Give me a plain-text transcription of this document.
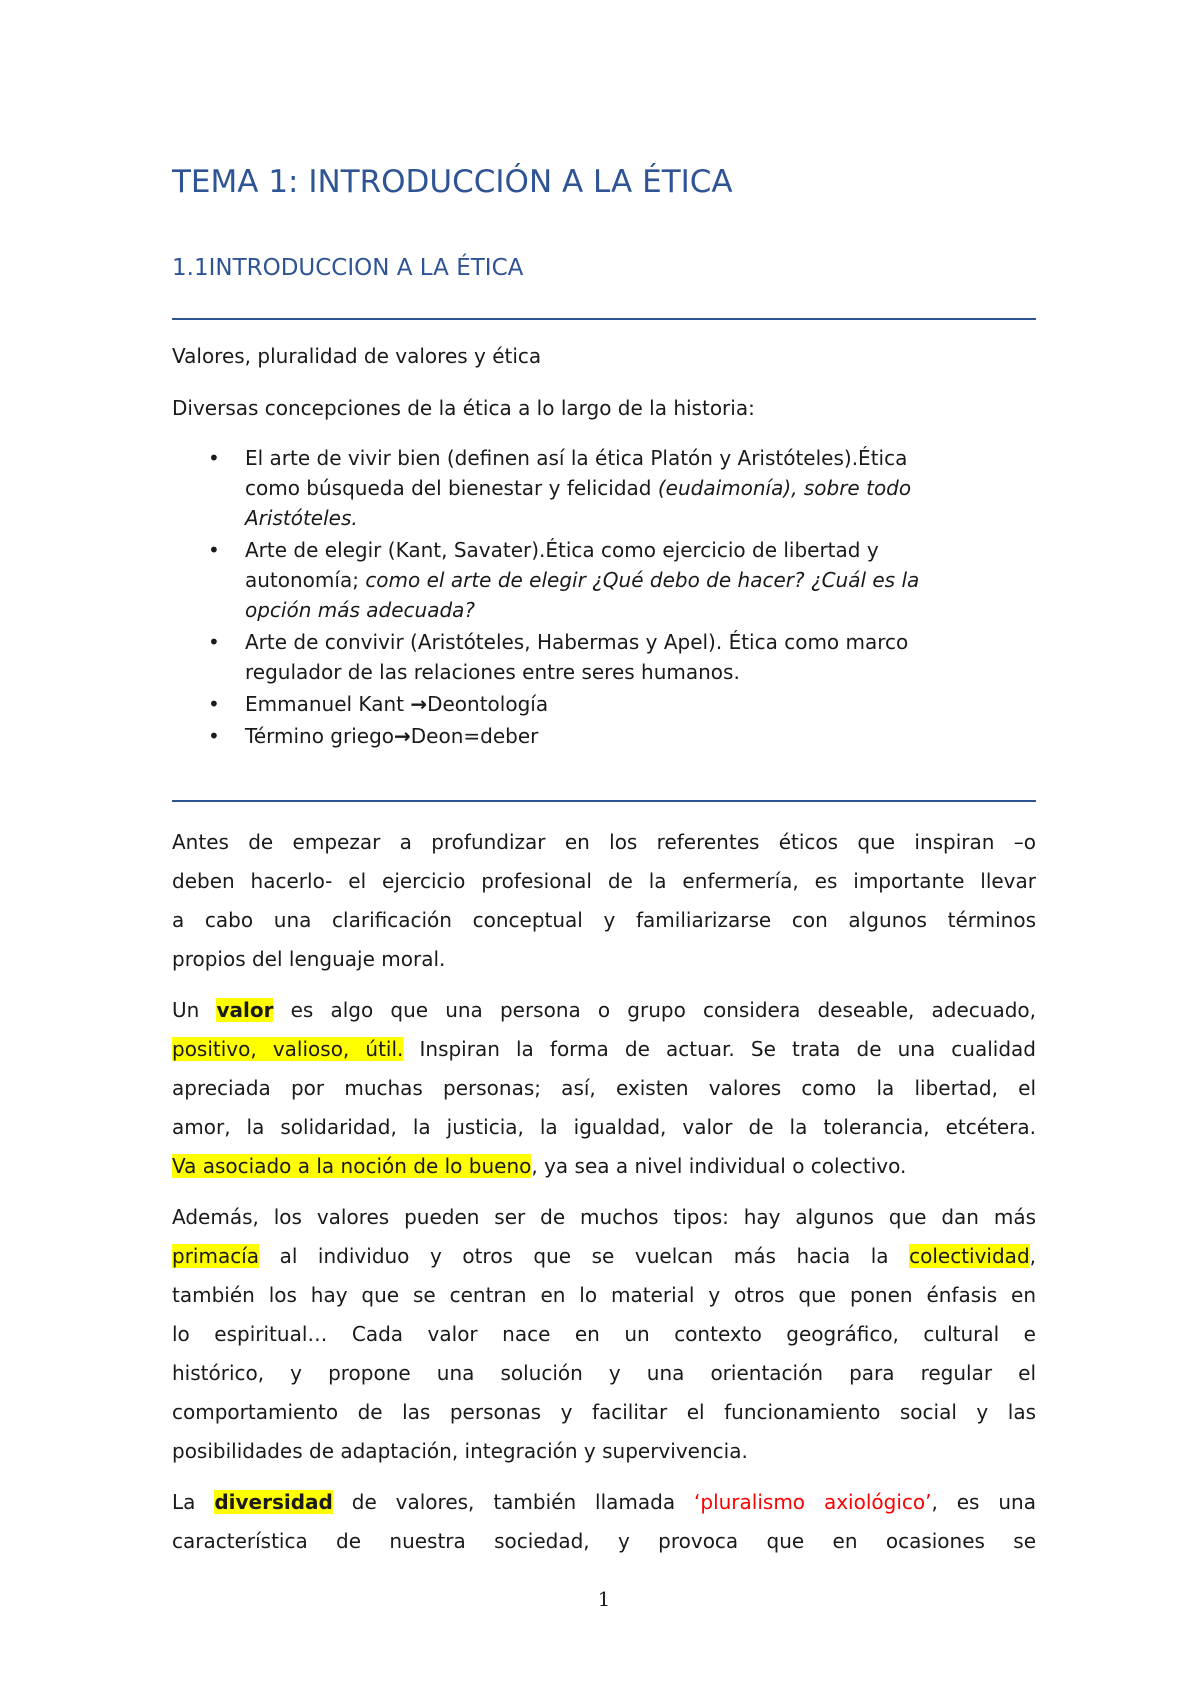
TEMA 1: INTRODUCCIÓN A LA ÉTICA
1.1INTRODUCCION A LA ÉTICA

Valores, pluralidad de valores y ética

Diversas concepciones de la ética a lo largo de la historia:

• El arte de vivir bien (definen así la ética Platón y Aristóteles).Ética
como búsqueda del bienestar y felicidad (eudaimonía), sobre todo
Aristóteles.
• Arte de elegir (Kant, Savater).Ética como ejercicio de libertad y
autonomía; como el arte de elegir ¿Qué debo de hacer? ¿Cuál es la
opción más adecuada?
• Arte de convivir (Aristóteles, Habermas y Apel). Ética como marco
regulador de las relaciones entre seres humanos.
• Emmanuel Kant →Deontología
• Término griego→Deon=deber
Antes de empezar a profundizar en los referentes éticos que inspiran –o
deben hacerlo- el ejercicio profesional de la enfermería, es importante llevar
a cabo una clarificación conceptual y familiarizarse con algunos términos
propios del lenguaje moral.
Un valor es algo que una persona o grupo considera deseable, adecuado,
positivo, valioso, útil. Inspiran la forma de actuar. Se trata de una cualidad
apreciada por muchas personas; así, existen valores como la libertad, el
amor, la solidaridad, la justicia, la igualdad, valor de la tolerancia, etcétera.
Va asociado a la noción de lo bueno, ya sea a nivel individual o colectivo.
Además, los valores pueden ser de muchos tipos: hay algunos que dan más
primacía al individuo y otros que se vuelcan más hacia la colectividad,
también los hay que se centran en lo material y otros que ponen énfasis en
lo espiritual… Cada valor nace en un contexto geográfico, cultural e
histórico, y propone una solución y una orientación para regular el
comportamiento de las personas y facilitar el funcionamiento social y las
posibilidades de adaptación, integración y supervivencia.
La diversidad de valores, también llamada ‘pluralismo axiológico’, es una
característica de nuestra sociedad, y provoca que en ocasiones se
1
